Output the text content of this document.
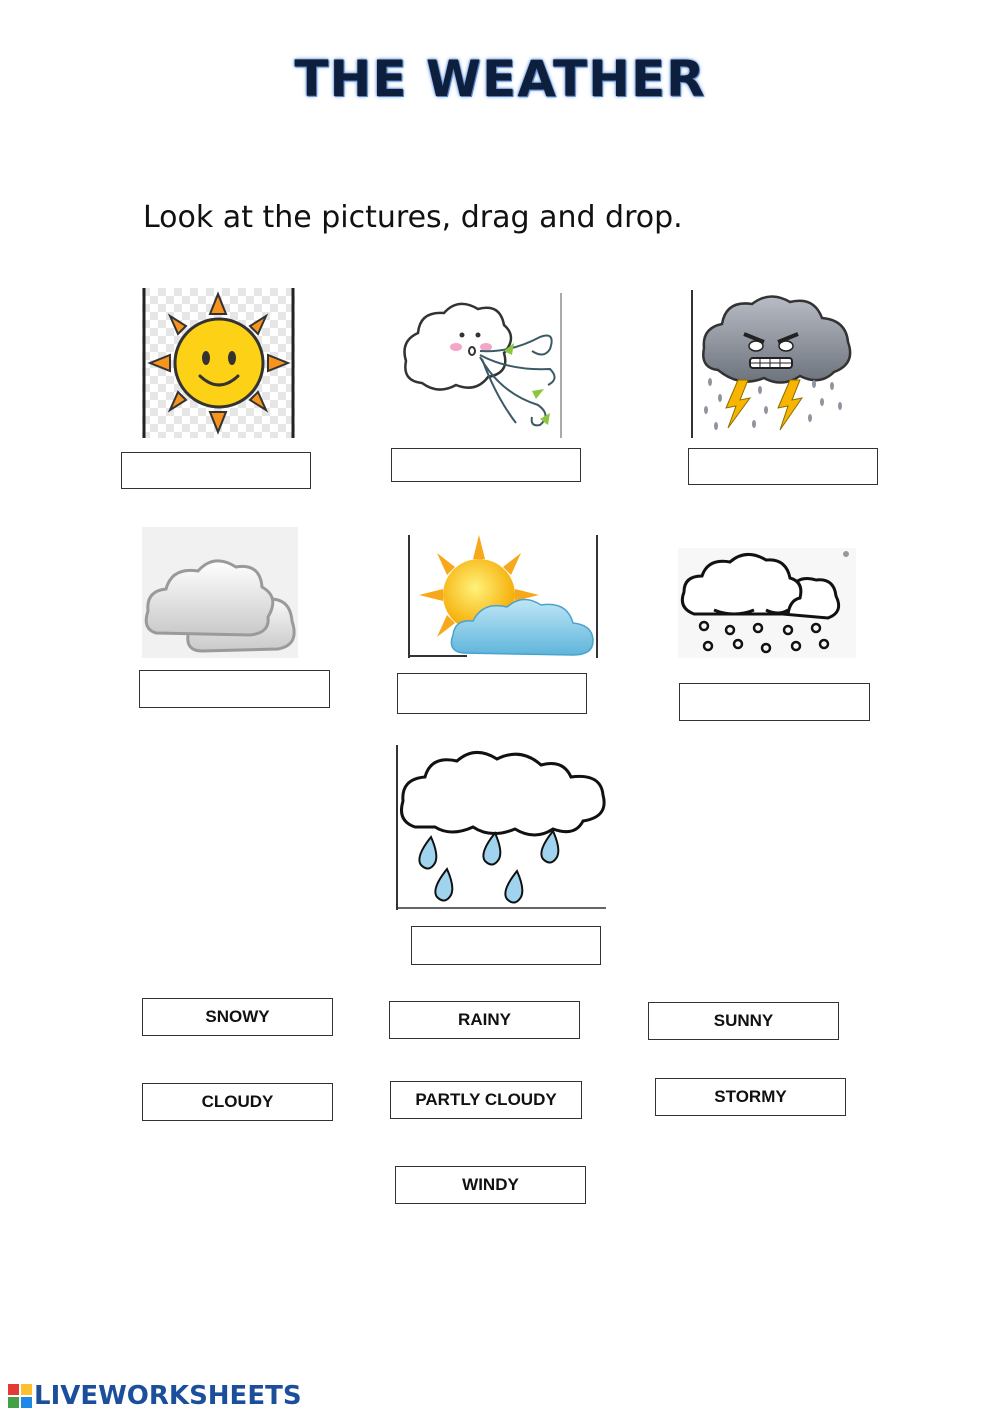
THE WEATHER
Look at the pictures, drag and drop.
SNOWY	RAINY	SUNNY
CLOUDY	PARTLY CLOUDY	STORMY
WINDY
LIVEWORKSHEETS
